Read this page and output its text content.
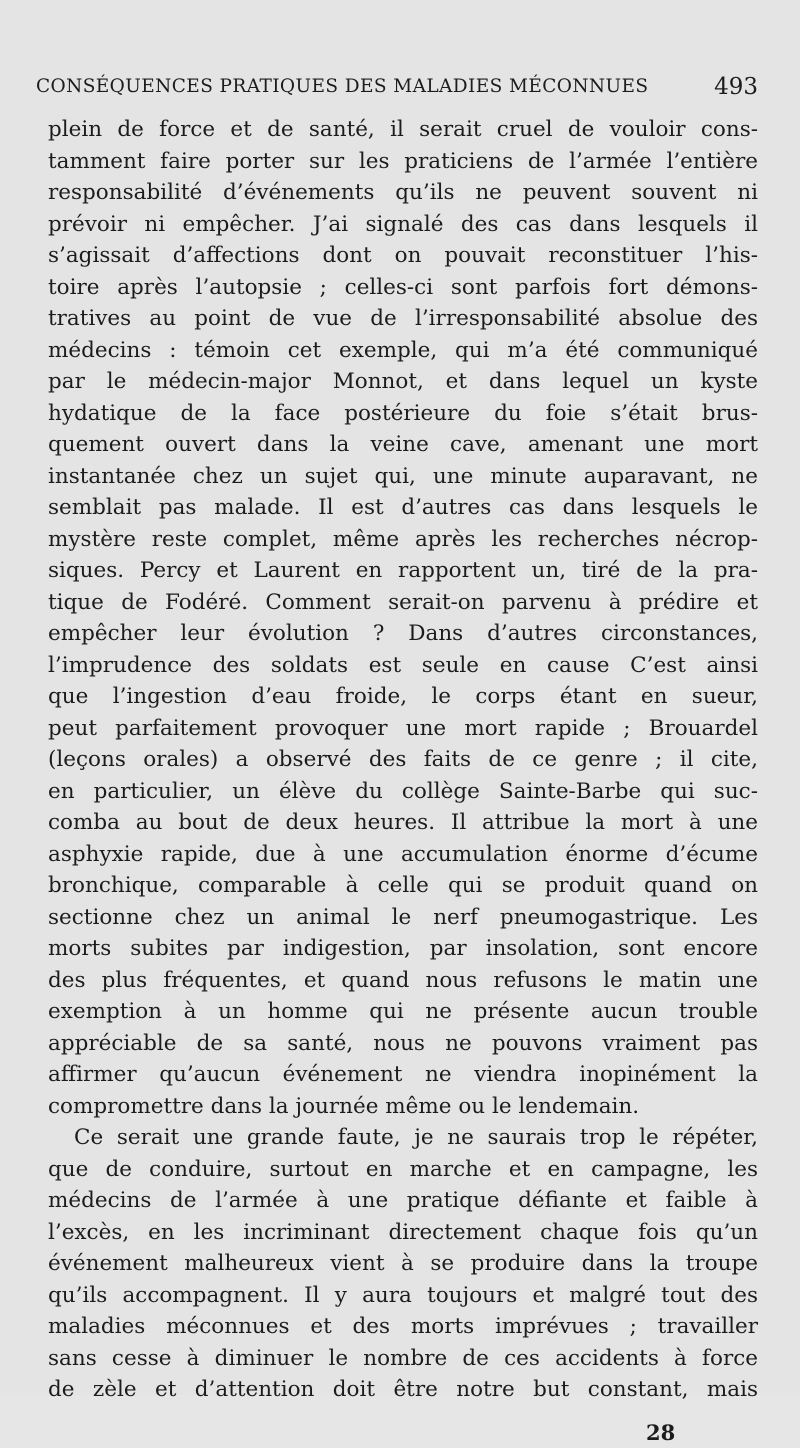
CONSÉQUENCES PRATIQUES DES MALADIES MÉCONNUES	493
plein de force et de santé, il serait cruel de vouloir cons-
tamment faire porter sur les praticiens de l’armée l’entière
responsabilité d’événements qu’ils ne peuvent souvent ni
prévoir ni empêcher. J’ai signalé des cas dans lesquels il
s’agissait d’affections dont on pouvait reconstituer l’his-
toire après l’autopsie ; celles-ci sont parfois fort démons-
tratives au point de vue de l’irresponsabilité absolue des
médecins : témoin cet exemple, qui m’a été communiqué
par le médecin-major Monnot, et dans lequel un kyste
hydatique de la face postérieure du foie s’était brus-
quement ouvert dans la veine cave, amenant une mort
instantanée chez un sujet qui, une minute auparavant, ne
semblait pas malade. Il est d’autres cas dans lesquels le
mystère reste complet, même après les recherches nécrop-
siques. Percy et Laurent en rapportent un, tiré de la pra-
tique de Fodéré. Comment serait-on parvenu à prédire et
empêcher leur évolution ? Dans d’autres circonstances,
l’imprudence des soldats est seule en cause C’est ainsi
que l’ingestion d’eau froide, le corps étant en sueur,
peut parfaitement provoquer une mort rapide ; Brouardel
(leçons orales) a observé des faits de ce genre ; il cite,
en particulier, un élève du collège Sainte-Barbe qui suc-
comba au bout de deux heures. Il attribue la mort à une
asphyxie rapide, due à une accumulation énorme d’écume
bronchique, comparable à celle qui se produit quand on
sectionne chez un animal le nerf pneumogastrique. Les
morts subites par indigestion, par insolation, sont encore
des plus fréquentes, et quand nous refusons le matin une
exemption à un homme qui ne présente aucun trouble
appréciable de sa santé, nous ne pouvons vraiment pas
affirmer qu’aucun événement ne viendra inopinément la
compromettre dans la journée même ou le lendemain.
Ce serait une grande faute, je ne saurais trop le répéter,
que de conduire, surtout en marche et en campagne, les
médecins de l’armée à une pratique défiante et faible à
l’excès, en les incriminant directement chaque fois qu’un
événement malheureux vient à se produire dans la troupe
qu’ils accompagnent. Il y aura toujours et malgré tout des
maladies méconnues et des morts imprévues ; travailler
sans cesse à diminuer le nombre de ces accidents à force
de zèle et d’attention doit être notre but constant, mais
28
